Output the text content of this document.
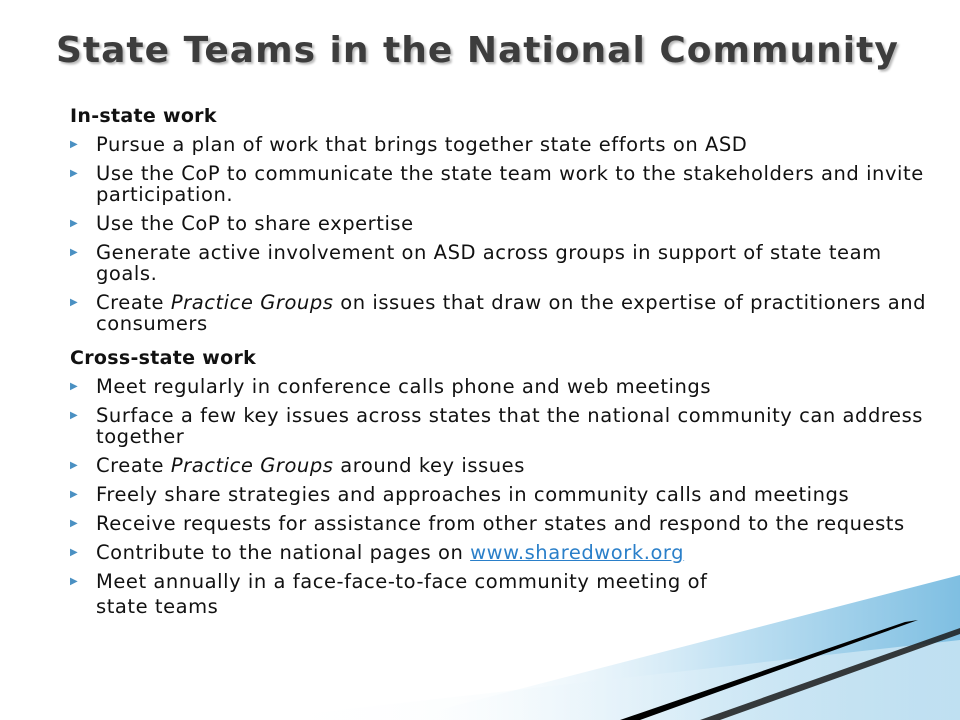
State Teams in the National Community
In-state work
▶ Pursue a plan of work that brings together state efforts on ASD
▶ Use the CoP to communicate the state team work to the stakeholders and invite participation.
▶ Use the CoP to share expertise
▶ Generate active involvement on ASD across groups in support of state team goals.
▶ Create Practice Groups on issues that draw on the expertise of practitioners and consumers
Cross-state work
▶ Meet regularly in conference calls phone and web meetings
▶ Surface a few key issues across states that the national community can address together
▶ Create Practice Groups around key issues
▶ Freely share strategies and approaches in community calls and meetings
▶ Receive requests for assistance from other states and respond to the requests
▶ Contribute to the national pages on www.sharedwork.org
▶ Meet annually in a face-face-to-face community meeting of
state teams
